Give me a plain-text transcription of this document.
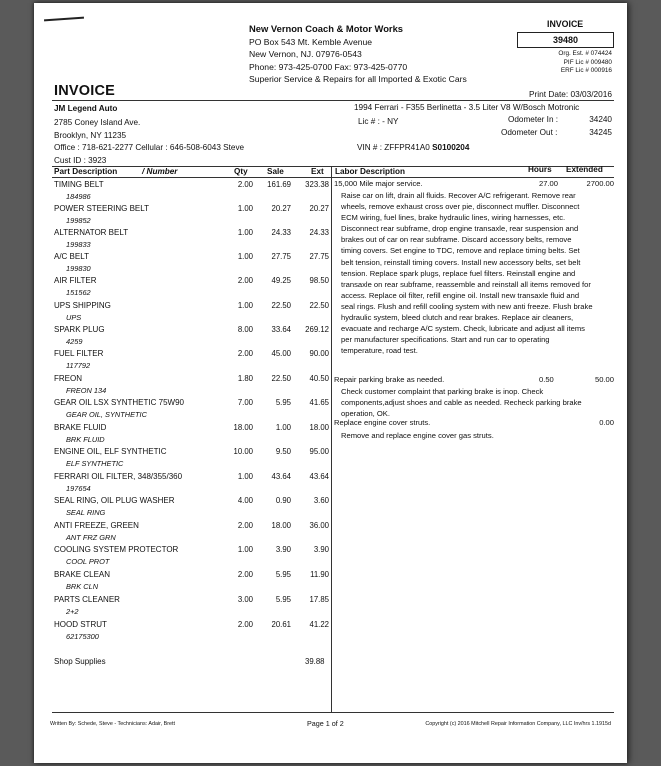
New Vernon Coach & Motor Works
PO Box 543 Mt. Kemble Avenue
New Vernon, NJ. 07976-0543
Phone: 973-425-0700 Fax: 973-425-0770
Superior Service & Repairs for all Imported & Exotic Cars
INVOICE
39480
Org. Est. # 074424
PIF Lic # 009480
ERF Lic # 000916
INVOICE	Print Date: 03/03/2016
JM Legend Auto
2785 Coney Island Ave.
Brooklyn, NY 11235
Office : 718-621-2277 Cellular : 646-508-6043 Steve
Cust ID : 3923
1994 Ferrari - F355 Berlinetta - 3.5 Liter V8 W/Bosch Motronic
Lic # : - NY	Odometer In :	34240
Odometer Out :	34245
VIN # : ZFFPR41A0 S0100204
Part Description	/ Number	Qty Sale	Ext Labor Description	Hours Extended
TIMING BELT
184986
2.00 161.69 323.38
POWER STEERING BELT
199852
1.00 20.27 20.27
ALTERNATOR BELT
199833
1.00 24.33 24.33
A/C BELT
199830
1.00 27.75 27.75
AIR FILTER
151562
2.00 49.25 98.50
UPS SHIPPING
UPS
1.00 22.50 22.50
SPARK PLUG
4259
8.00 33.64 269.12
FUEL FILTER
117792
2.00 45.00 90.00
FREON
FREON 134
1.80 22.50 40.50
GEAR OIL LSX SYNTHETIC 75W90
GEAR OIL, SYNTHETIC
7.00	5.95 41.65
BRAKE FLUID
BRK FLUID
18.00	1.00 18.00
ENGINE OIL, ELF SYNTHETIC
ELF SYNTHETIC
10.00	9.50 95.00
FERRARI OIL FILTER, 348/355/360
197654
1.00 43.64 43.64
SEAL RING, OIL PLUG WASHER
SEAL RING
4.00	0.90	3.60
ANTI FREEZE, GREEN
ANT FRZ GRN
2.00 18.00 36.00
COOLING SYSTEM PROTECTOR
COOL PROT
1.00	3.90	3.90
BRAKE CLEAN
BRK CLN
2.00	5.95 11.90
PARTS CLEANER
2+2
3.00	5.95 17.85
HOOD STRUT
62175300
2.00 20.61 41.22
Shop Supplies	39.88
15,000 Mile major service.	27.00	2700.00
Raise car on lift, drain all fluids. Recover A/C refrigerant. Remove rear wheels, remove exhaust cross over pie, disconnect muffler. Disconnect ECM wiring, fuel lines, brake hydraulic lines, wiring harnesses, etc. Disconnect rear subframe, drop engine transaxle, rear suspension and brakes out of car on rear subframe. Discard accessory belts, remove timing covers. Set engine to TDC, remove and replace timing belts. Set belt tension, reinstall timing covers. Install new accessory belts, set belt tension. Replace spark plugs, replace fuel filters. Reinstall engine and transaxle on rear subframe, reassemble and reinstall all items removed for access. Replace oil filter, refill engine oil. Install new transaxle fluid and seal rings. Flush and refill cooling system with new anti freeze. Flush brake hydraulic system, bleed clutch and rear brakes. Replace air cleaners, evacuate and recharge A/C system. Check, lubricate and adjust all items per manufacturer specifications. Start and run car to operating temperature, road test.
Repair parking brake as needed.	0.50	50.00
Check customer complaint that parking brake is inop. Check components,adjust shoes and cable as needed. Recheck parking brake operation, OK.
Replace engine cover struts.	0.00
Remove and replace engine cover gas struts.
Written By: Schede, Steve - Technicians: Adair, Brett	Page 1 of 2	Copyright (c) 2016 Mitchell Repair Information Company, LLC Inv/hrs 1.1915d
